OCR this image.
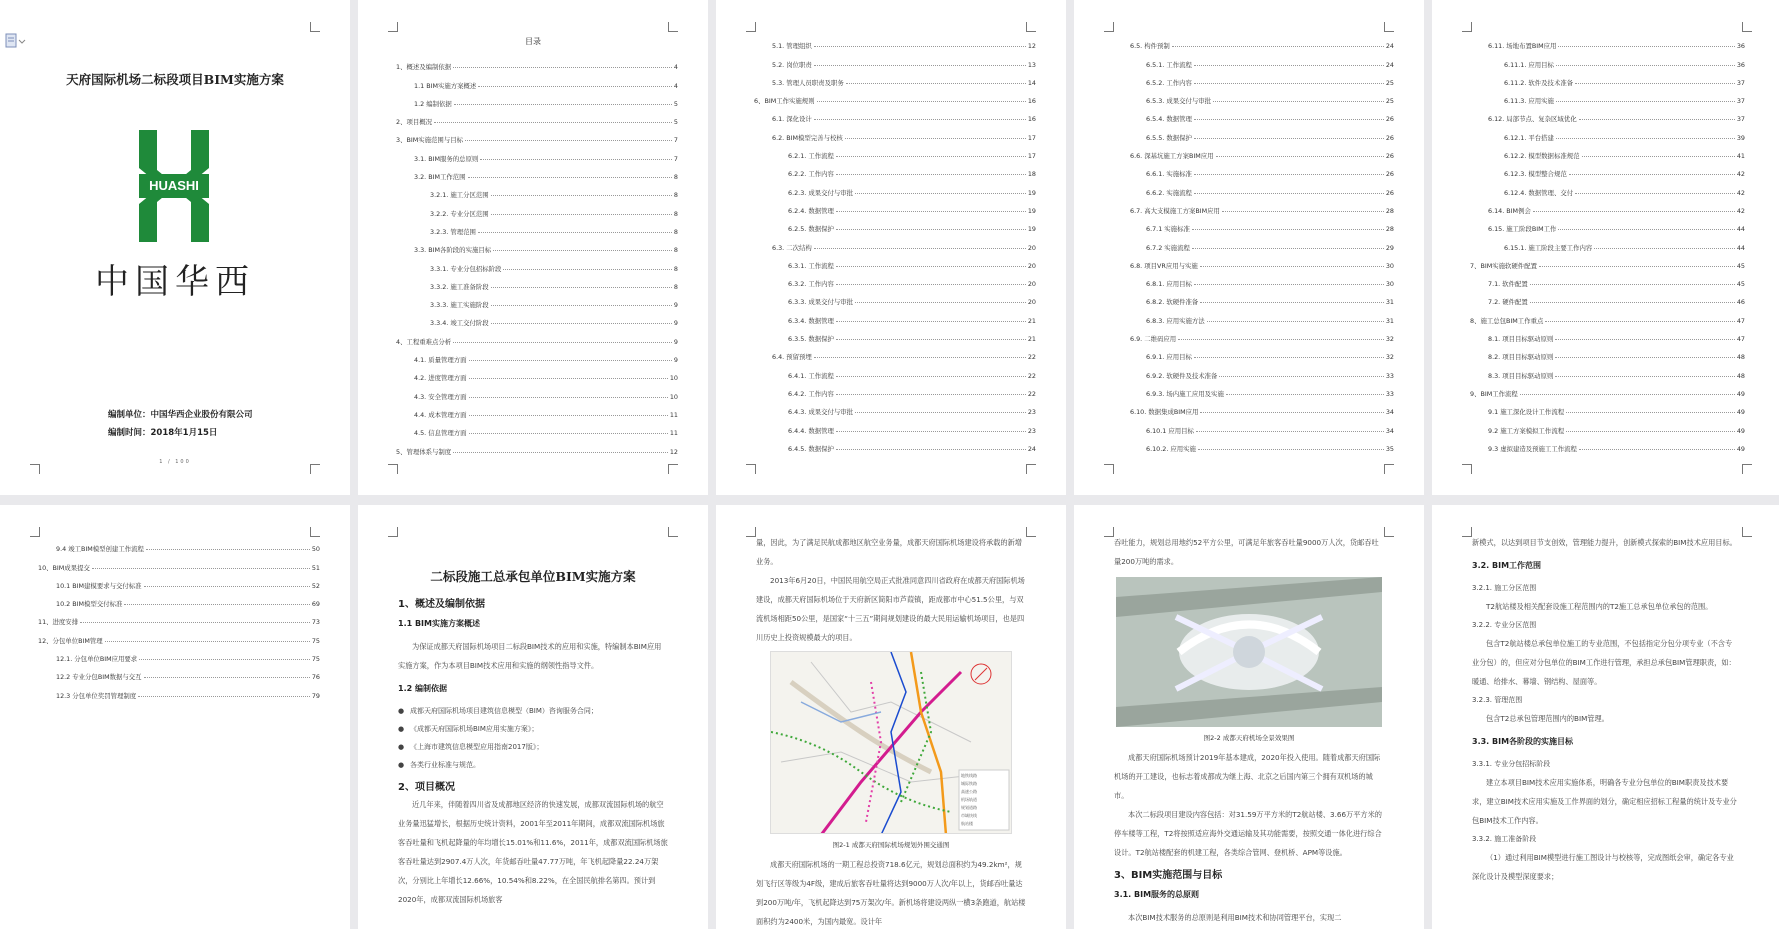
天府国际机场二标段项目BIM实施方案
HUASHI
中国华西
编制单位：中国华西企业股份有限公司
编制时间：2018年1月15日
1 / 100
目录
1、概述及编制依据	4
1.1 BIM实施方案概述	4
1.2 编制依据	5
2、项目概况	5
3、BIM实施范围与目标	7
3.1. BIM服务的总原则	7
3.2. BIM工作范围	8
3.2.1. 施工分区范围	8
3.2.2. 专业分区范围	8
3.2.3. 管理范围	8
3.3. BIM各阶段的实施目标	8
3.3.1. 专业分包招标阶段	8
3.3.2. 施工准备阶段	8
3.3.3. 施工实施阶段	9
3.3.4. 竣工交付阶段	9
4、工程重难点分析	9
4.1. 质量管理方面	9
4.2. 进度管理方面	10
4.3. 安全管理方面	10
4.4. 成本管理方面	11
4.5. 信息管理方面	11
5、管理体系与制度	12
5.1. 管理组织	12
5.2. 岗位职责	13
5.3. 管理人员职责及职务	14
6、BIM工作实施规则	16
6.1. 深化设计	16
6.2. BIM模型完善与校核	17
6.2.1. 工作流程	17
6.2.2. 工作内容	18
6.2.3. 成果交付与审批	19
6.2.4. 数据管理	19
6.2.5. 数据保护	19
6.3. 二次结构	20
6.3.1. 工作流程	20
6.3.2. 工作内容	20
6.3.3. 成果交付与审批	20
6.3.4. 数据管理	21
6.3.5. 数据保护	21
6.4. 预留预埋	22
6.4.1. 工作流程	22
6.4.2. 工作内容	22
6.4.3. 成果交付与审批	23
6.4.4. 数据管理	23
6.4.5. 数据保护	24
6.5. 构件预制	24
6.5.1. 工作流程	24
6.5.2. 工作内容	25
6.5.3. 成果交付与审批	25
6.5.4. 数据管理	26
6.5.5. 数据保护	26
6.6. 深基坑施工方案BIM应用	26
6.6.1. 实施标准	26
6.6.2. 实施流程	26
6.7. 高大支模施工方案BIM应用	28
6.7.1 实施标准	28
6.7.2 实施流程	29
6.8. 项目VR应用与实施	30
6.8.1. 应用目标	30
6.8.2. 软硬件准备	31
6.8.3. 应用实施方法	31
6.9. 二维码应用	32
6.9.1. 应用目标	32
6.9.2. 软硬件及技术准备	33
6.9.3. 场内施工应用及实施	33
6.10. 数据集成BIM应用	34
6.10.1 应用目标	34
6.10.2. 应用实施	35
6.11. 场地布置BIM应用	36
6.11.1. 应用目标	36
6.11.2. 软件及技术准备	37
6.11.3. 应用实施	37
6.12. 局部节点、复杂区域优化	37
6.12.1. 平台搭建	39
6.12.2. 模型数据标准规范	41
6.12.3. 模型整合规范	42
6.12.4. 数据管理、交付	42
6.14. BIM例会	42
6.15. 施工阶段BIM工作	44
6.15.1. 施工阶段主要工作内容	44
7、BIM实施软硬件配置	45
7.1. 软件配置	45
7.2. 硬件配置	46
8、施工总包BIM工作重点	47
8.1. 项目目标驱动原则	47
8.2. 项目目标驱动原则	48
8.3. 项目目标驱动原则	48
9、BIM工作流程	49
9.1 施工深化设计工作流程	49
9.2 施工方案模拟工作流程	49
9.3 虚拟建造及预施工工作流程	49
9.4 竣工BIM模型创建工作流程	50
10、BIM成果提交	51
10.1 BIM建模要求与交付标准	52
10.2 BIM模型交付标准	69
11、进度安排	73
12、分包单位BIM管理	75
12.1. 分包单位BIM应用要求	75
12.2 专业分包BIM数据与交互	76
12.3 分包单位奖罚管理制度	79
二标段施工总承包单位BIM实施方案
1、概述及编制依据
1.1 BIM实施方案概述
为保证成都天府国际机场项目二标段BIM技术的应用和实施，特编制本BIM应用实施方案，作为本项目BIM技术应用和实施的纲领性指导文件。
1.2 编制依据
● 成都天府国际机场项目建筑信息模型（BIM）咨询服务合同；
● 《成都天府国际机场BIM应用实施方案》；
● 《上海市建筑信息模型应用指南2017版》；
● 各类行业标准与规范。
2、项目概况
近几年来，伴随着四川省及成都地区经济的快速发展，成都双流国际机场的航空业务量迅猛增长，根据历史统计资料，2001年至2011年期间，成都双流国际机场旅客吞吐量和飞机起降量的年均增长15.01%和11.6%，2011年，成都双流国际机场旅客吞吐量达到2907.4万人次，年货邮吞吐量47.77万吨，年飞机起降量22.24万架次，分别比上年增长12.66%，10.54%和8.22%，在全国民航排名第四。预计到2020年，成都双流国际机场旅客
量，因此，为了满足民航成都地区航空业务量，成都天府国际机场建设将承载的新增业务。
2013年6月20日，中国民用航空局正式批准同意四川省政府在成都天府国际机场建设，成都天府国际机场位于天府新区简阳市芦葭镇，距成都市中心51.5公里，与双流机场相距50公里，是国家“十三五”期间规划建设的最大民用运输机场项目，也是四川历史上投资规模最大的项目。
地铁线路
城际铁路
高速公路
机场轨道
规划道路
市域快线
航站楼
图2-1 成都天府国际机场规划外围交通图
成都天府国际机场的一期工程总投资718.6亿元，规划总面积约为49.2km²，规划飞行区等级为4F级，建成后旅客吞吐量将达到9000万人次/年以上，货邮吞吐量达到200万吨/年，飞机起降达到75万架次/年。新机场将建设两纵一横3条跑道，航站楼面积约为2400米，为国内最宽。设计年
吞吐能力，规划总用地约52平方公里，可满足年旅客吞吐量9000万人次，货邮吞吐量200万吨的需求。
图2-2 成都天府机场全景效果图
成都天府国际机场预计2019年基本建成，2020年投入使用。随着成都天府国际机场的开工建设，也标志着成都成为继上海、北京之后国内第三个拥有双机场的城市。
本次二标段项目建设内容包括：对31.59万平方米的T2航站楼、3.66万平方米的停车楼等工程，T2将按照适应海外交通运输及其功能需要，按照交通一体化进行综合设计。T2航站楼配套的机建工程，各类综合管网、登机桥、APM等设施。
3、BIM实施范围与目标
3.1. BIM服务的总原则
本次BIM技术服务的总原则是利用BIM技术和协同管理平台，实现二
新模式，以达到项目节支创效，管理能力提升，创新模式探索的BIM技术应用目标。
3.2. BIM工作范围
3.2.1. 施工分区范围
T2航站楼及相关配套设施工程范围内的T2施工总承包单位承包的范围。
3.2.2. 专业分区范围
包含T2航站楼总承包单位施工的专业范围，不包括指定分包分项专业（不含专业分包）的，但应对分包单位的BIM工作进行管理，承担总承包BIM管理职责，如：暖通、给排水、幕墙、钢结构、屋面等。
3.2.3. 管理范围
包含T2总承包管理范围内的BIM管理。
3.3. BIM各阶段的实施目标
3.3.1. 专业分包招标阶段
建立本项目BIM技术应用实施体系，明确各专业分包单位的BIM职责及技术要求，建立BIM技术应用实施及工作界面的划分，确定相应招标工程量的统计及专业分包BIM技术工作内容。
3.3.2. 施工准备阶段
（1）通过利用BIM模型进行施工图设计与校核等，完成图纸会审，确定各专业深化设计及模型深度要求；
